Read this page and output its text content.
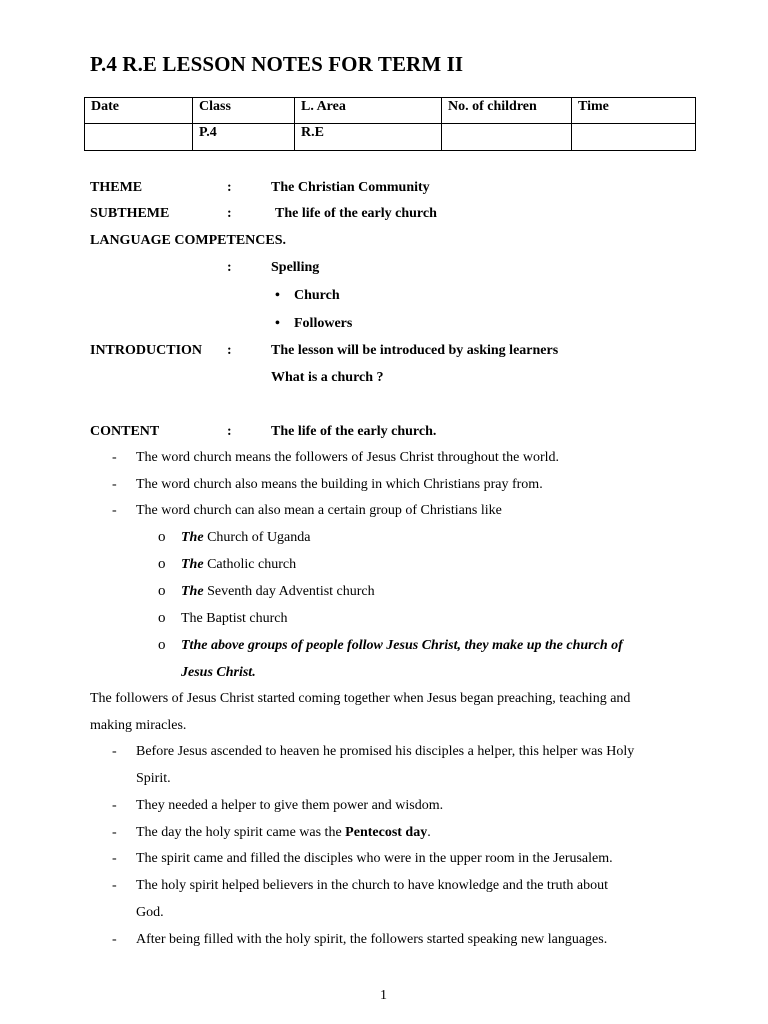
P.4 R.E LESSON NOTES FOR TERM II
Date	Class	L. Area	No. of children	Time
	P.4	R.E		
THEME	:	The Christian Community
SUBTHEME	:	The life of the early church
LANGUAGE COMPETENCES.
:	Spelling
• Church
• Followers
INTRODUCTION :	The lesson will be introduced by asking learners
What is a church ?
CONTENT	:	The life of the early church.
- The word church means the followers of Jesus Christ throughout the world.
- The word church also means the building in which Christians pray from.
- The word church can also mean a certain group of Christians like
o The Church of Uganda
o The Catholic church
o The Seventh day Adventist church
o The Baptist church
o Tthe above groups of people follow Jesus Christ, they make up the church of
Jesus Christ.
The followers of Jesus Christ started coming together when Jesus began preaching, teaching and
making miracles.
- Before Jesus ascended to heaven he promised his disciples a helper, this helper was Holy
Spirit.
- They needed a helper to give them power and wisdom.
- The day the holy spirit came was the Pentecost day.
- The spirit came and filled the disciples who were in the upper room in the Jerusalem.
- The holy spirit helped believers in the church to have knowledge and the truth about
God.
- After being filled with the holy spirit, the followers started speaking new languages.
1
